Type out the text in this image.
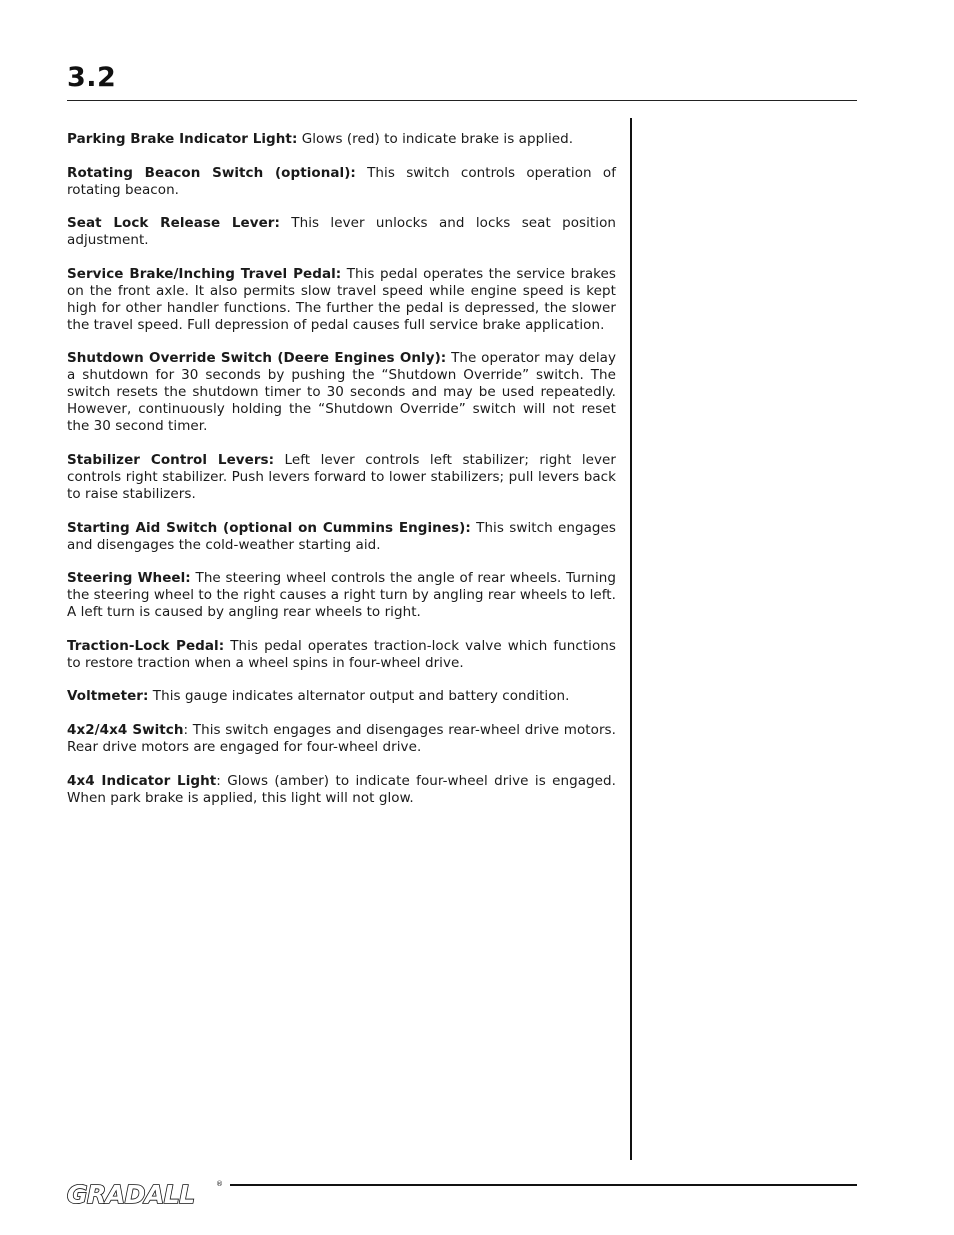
3.2

Parking Brake Indicator Light: Glows (red) to indicate brake is applied.

Rotating Beacon Switch (optional): This switch controls operation of rotating beacon.

Seat Lock Release Lever: This lever unlocks and locks seat position adjustment.

Service Brake/Inching Travel Pedal: This pedal operates the service brakes on the front axle. It also permits slow travel speed while engine speed is kept high for other handler functions. The further the pedal is depressed, the slower the travel speed. Full depression of pedal causes full service brake application.

Shutdown Override Switch (Deere Engines Only): The operator may delay a shutdown for 30 seconds by pushing the “Shutdown Override” switch. The switch resets the shutdown timer to 30 seconds and may be used repeatedly. However, continuously holding the “Shutdown Override” switch will not reset the 30 second timer.

Stabilizer Control Levers: Left lever controls left stabilizer; right lever controls right stabilizer. Push levers forward to lower stabilizers; pull levers back to raise stabilizers.

Starting Aid Switch (optional on Cummins Engines): This switch engages and disengages the cold-weather starting aid.

Steering Wheel: The steering wheel controls the angle of rear wheels. Turning the steering wheel to the right causes a right turn by angling rear wheels to left. A left turn is caused by angling rear wheels to right.

Traction-Lock Pedal: This pedal operates traction-lock valve which functions to restore traction when a wheel spins in four-wheel drive.

Voltmeter: This gauge indicates alternator output and battery condition.

4x2/4x4 Switch: This switch engages and disengages rear-wheel drive motors. Rear drive motors are engaged for four-wheel drive.

4x4 Indicator Light: Glows (amber) to indicate four-wheel drive is engaged. When park brake is applied, this light will not glow.

GRADALL	®
